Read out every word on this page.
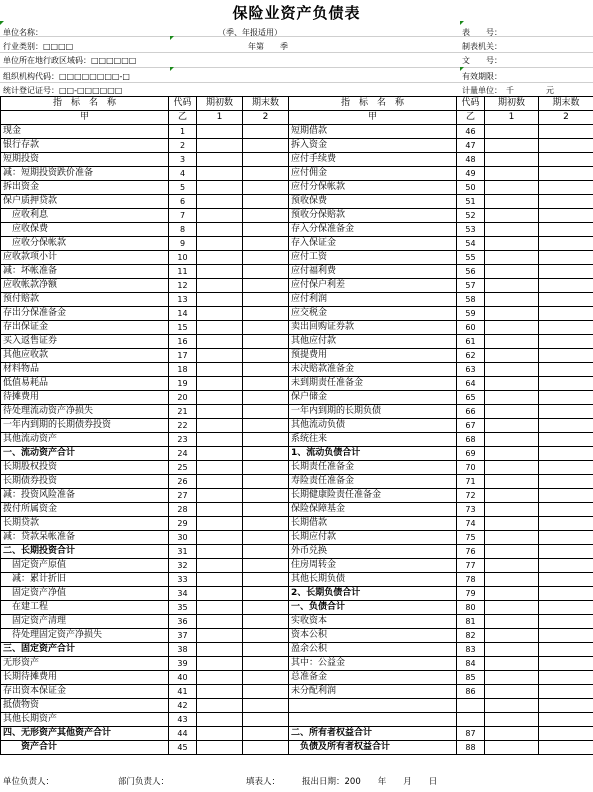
保险业资产负债表
（季、年报适用）
单位名称：
行业类别：□□□□
单位所在地行政区域码：□□□□□□
组织机构代码：□□□□□□□□-□
统计登记证号：□□-□□□□□□
年第　　季
表　　号：
制表机关：
文　　号：
有效期限：
计量单位：　千　　　　元
指　标　名　称	代码	期初数	期末数	指　标　名　称	代码	期初数	期末数
甲	乙	1	2	甲	乙	1	2
现金	1			短期借款	46		
银行存款	2			拆入资金	47		
短期投资	3			应付手续费	48		
减：短期投资跌价准备	4			应付佣金	49		
拆出资金	5			应付分保帐款	50		
保户质押贷款	6			预收保费	51		
　应收利息	7			预收分保赔款	52		
　应收保费	8			存入分保准备金	53		
　应收分保帐款	9			存入保证金	54		
应收款项小计	10			应付工资	55		
减：坏帐准备	11			应付福利费	56		
应收帐款净额	12			应付保户利差	57		
预付赔款	13			应付利润	58		
存出分保准备金	14			应交税金	59		
存出保证金	15			卖出回购证券款	60		
买入返售证券	16			其他应付款	61		
其他应收款	17			预提费用	62		
材料物品	18			未决赔款准备金	63		
低值易耗品	19			未到期责任准备金	64		
待摊费用	20			保户储金	65		
待处理流动资产净损失	21			一年内到期的长期负债	66		
一年内到期的长期债券投资	22			其他流动负债	67		
其他流动资产	23			系统往来	68		
一、流动资产合计	24			1、流动负债合计	69		
长期股权投资	25			长期责任准备金	70		
长期债券投资	26			寿险责任准备金	71		
减：投资风险准备	27			长期健康险责任准备金	72		
拨付所属资金	28			保险保障基金	73		
长期贷款	29			长期借款	74		
减：贷款呆帐准备	30			长期应付款	75		
二、长期投资合计	31			外币兑换	76		
　固定资产原值	32			住房周转金	77		
　减：累计折旧	33			其他长期负债	78		
　固定资产净值	34			2、长期负债合计	79		
　在建工程	35			一、负债合计	80		
　固定资产清理	36			实收资本	81		
　待处理固定资产净损失	37			资本公积	82		
三、固定资产合计	38			盈余公积	83		
无形资产	39			其中：公益金	84		
长期待摊费用	40			总准备金	85		
存出资本保证金	41			未分配利润	86		
抵债物资	42						
其他长期资产	43						
四、无形资产其他资产合计	44			二、所有者权益合计	87		
　　资产合计	45			　负债及所有者权益合计	88		
单位负责人：	部门负责人：	填表人：	报出日期：200　　年　　月　　日
